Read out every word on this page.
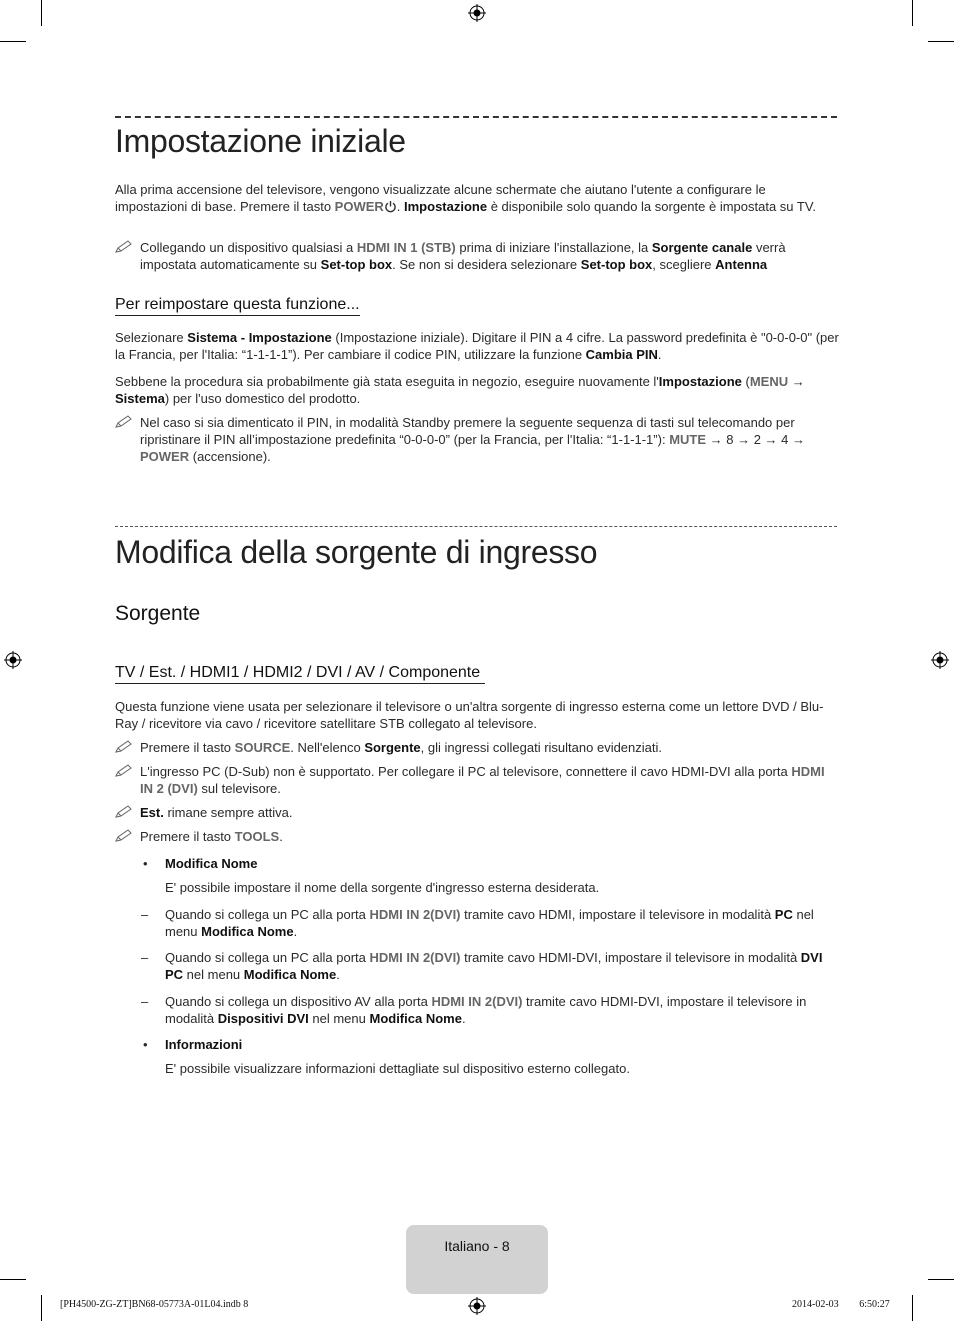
Impostazione iniziale

Alla prima accensione del televisore, vengono visualizzate alcune schermate che aiutano l'utente a configurare le impostazioni di base. Premere il tasto POWER . Impostazione è disponibile solo quando la sorgente è impostata su TV.

Collegando un dispositivo qualsiasi a HDMI IN 1 (STB) prima di iniziare l'installazione, la Sorgente canale verrà impostata automaticamente su Set-top box. Se non si desidera selezionare Set-top box, scegliere Antenna
Per reimpostare questa funzione...

Selezionare Sistema - Impostazione (Impostazione iniziale). Digitare il PIN a 4 cifre. La password predefinita è "0-0-0-0" (per la Francia, per l'Italia: “1-1-1-1”). Per cambiare il codice PIN, utilizzare la funzione Cambia PIN.

Sebbene la procedura sia probabilmente già stata eseguita in negozio, eseguire nuovamente l'Impostazione (MENU → Sistema) per l'uso domestico del prodotto.

Nel caso si sia dimenticato il PIN, in modalità Standby premere la seguente sequenza di tasti sul telecomando per ripristinare il PIN all’impostazione predefinita “0-0-0-0” (per la Francia, per l'Italia: “1-1-1-1”): MUTE → 8 → 2 → 4 → POWER (accensione).
Modifica della sorgente di ingresso
Sorgente
TV / Est. / HDMI1 / HDMI2 / DVI / AV / Componente

Questa funzione viene usata per selezionare il televisore o un'altra sorgente di ingresso esterna come un lettore DVD / Blu-Ray / ricevitore via cavo / ricevitore satellitare STB collegato al televisore.

Premere il tasto SOURCE. Nell'elenco Sorgente, gli ingressi collegati risultano evidenziati.
L'ingresso PC (D-Sub) non è supportato. Per collegare il PC al televisore, connettere il cavo HDMI-DVI alla porta HDMI IN 2 (DVI) sul televisore.
Est. rimane sempre attiva.
Premere il tasto TOOLS.
• Modifica Nome
E' possibile impostare il nome della sorgente d'ingresso esterna desiderata.
– Quando si collega un PC alla porta HDMI IN 2(DVI) tramite cavo HDMI, impostare il televisore in modalità PC nel menu Modifica Nome.
– Quando si collega un PC alla porta HDMI IN 2(DVI) tramite cavo HDMI-DVI, impostare il televisore in modalità DVI PC nel menu Modifica Nome.
– Quando si collega un dispositivo AV alla porta HDMI IN 2(DVI) tramite cavo HDMI-DVI, impostare il televisore in modalità Dispositivi DVI nel menu Modifica Nome.
• Informazioni
E' possibile visualizzare informazioni dettagliate sul dispositivo esterno collegato.
Italiano - 8
[PH4500-ZG-ZT]BN68-05773A-01L04.indb 8	2014-02-03 ￿￿ 6:50:27
